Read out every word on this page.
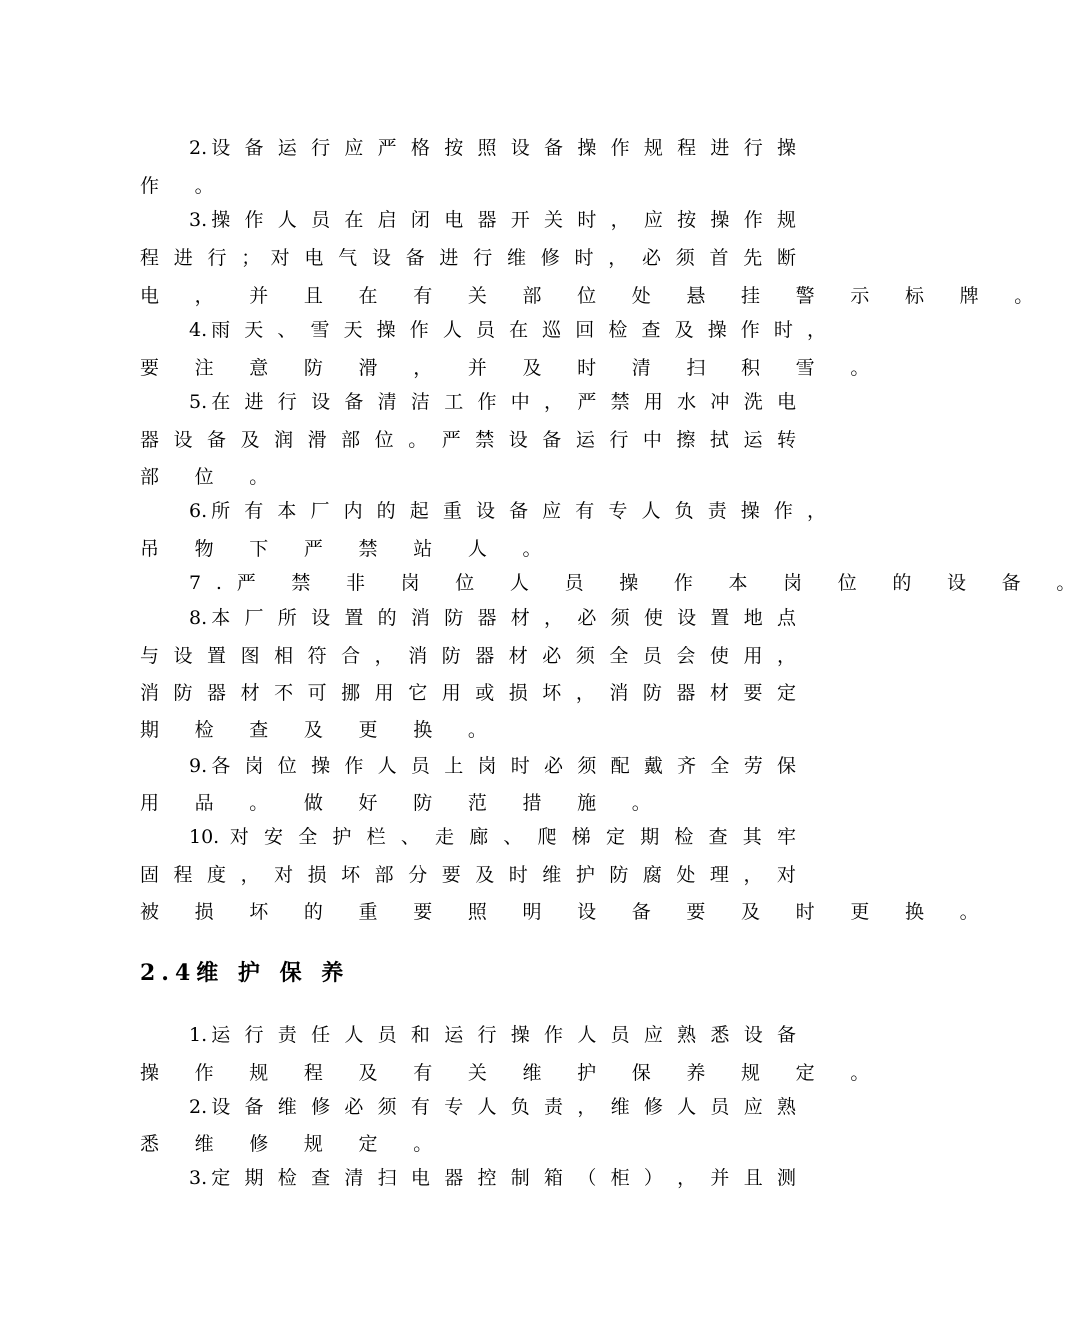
2.设 备 运 行 应 严 格 按 照 设 备 操 作 规 程 进 行 操
作 。
3.操 作 人 员 在 启 闭 电 器 开 关 时 ， 应 按 操 作 规
程 进 行 ； 对 电 气 设 备 进 行 维 修 时 ， 必 须 首 先 断
电 ， 并 且 在 有 关 部 位 处 悬 挂 警 示 标 牌 。
4.雨 天 、 雪 天 操 作 人 员 在 巡 回 检 查 及 操 作 时 ，
要 注 意 防 滑 ， 并 及 时 清 扫 积 雪 。
5.在 进 行 设 备 清 洁 工 作 中 ， 严 禁 用 水 冲 洗 电
器 设 备 及 润 滑 部 位 。 严 禁 设 备 运 行 中 擦 拭 运 转
部 位 。
6.所 有 本 厂 内 的 起 重 设 备 应 有 专 人 负 责 操 作 ，
吊 物 下 严 禁 站 人 。
7.严 禁 非 岗 位 人 员 操 作 本 岗 位 的 设 备 。
8.本 厂 所 设 置 的 消 防 器 材 ， 必 须 使 设 置 地 点
与 设 置 图 相 符 合 ， 消 防 器 材 必 须 全 员 会 使 用 ，
消 防 器 材 不 可 挪 用 它 用 或 损 坏 ， 消 防 器 材 要 定
期 检 查 及 更 换 。
9.各 岗 位 操 作 人 员 上 岗 时 必 须 配 戴 齐 全 劳 保
用 品 。 做 好 防 范 措 施 。
10. 对 安 全 护 栏 、 走 廊 、 爬 梯 定 期 检 查 其 牢
固 程 度 ， 对 损 坏 部 分 要 及 时 维 护 防 腐 处 理 ， 对
被 损 坏 的 重 要 照 明 设 备 要 及 时 更 换 。
2.4维 护 保 养
1.运 行 责 任 人 员 和 运 行 操 作 人 员 应 熟 悉 设 备
操 作 规 程 及 有 关 维 护 保 养 规 定 。
2.设 备 维 修 必 须 有 专 人 负 责 ， 维 修 人 员 应 熟
悉 维 修 规 定 。
3.定 期 检 查 清 扫 电 器 控 制 箱 （ 柜 ） ， 并 且 测
